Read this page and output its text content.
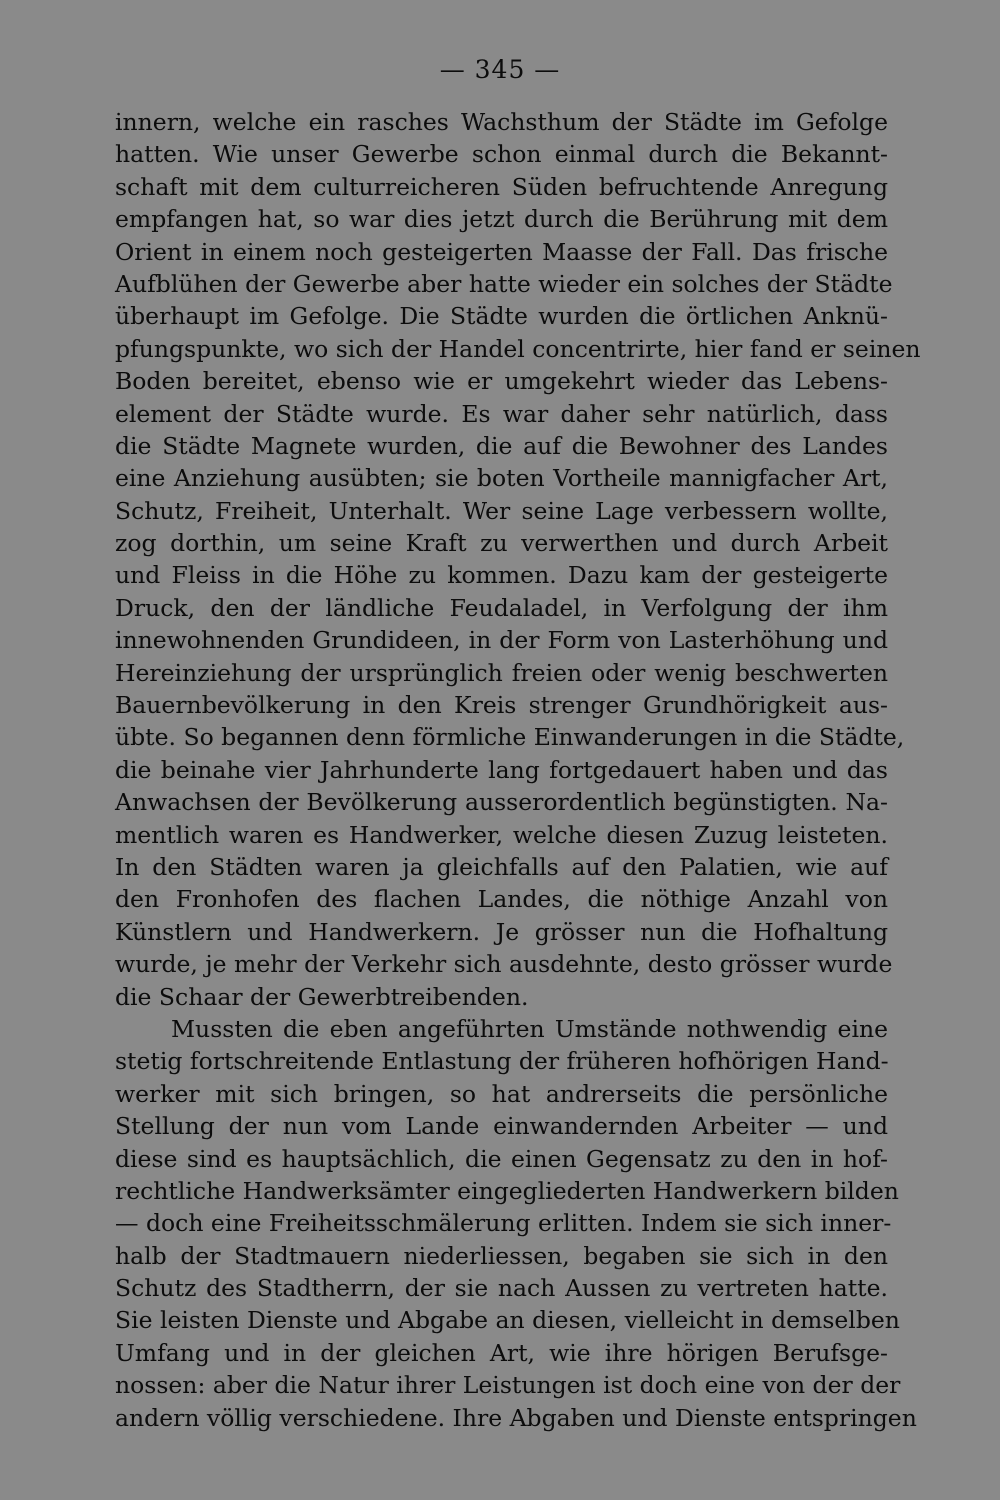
— 345 —
innern, welche ein rasches Wachsthum der Städte im Gefolge
hatten. Wie unser Gewerbe schon einmal durch die Bekannt-
schaft mit dem culturreicheren Süden befruchtende Anregung
empfangen hat, so war dies jetzt durch die Berührung mit dem
Orient in einem noch gesteigerten Maasse der Fall. Das frische
Aufblühen der Gewerbe aber hatte wieder ein solches der Städte
überhaupt im Gefolge. Die Städte wurden die örtlichen Anknü-
pfungspunkte, wo sich der Handel concentrirte, hier fand er seinen
Boden bereitet, ebenso wie er umgekehrt wieder das Lebens-
element der Städte wurde. Es war daher sehr natürlich, dass
die Städte Magnete wurden, die auf die Bewohner des Landes
eine Anziehung ausübten; sie boten Vortheile mannigfacher Art,
Schutz, Freiheit, Unterhalt. Wer seine Lage verbessern wollte,
zog dorthin, um seine Kraft zu verwerthen und durch Arbeit
und Fleiss in die Höhe zu kommen. Dazu kam der gesteigerte
Druck, den der ländliche Feudaladel, in Verfolgung der ihm
innewohnenden Grundideen, in der Form von Lasterhöhung und
Hereinziehung der ursprünglich freien oder wenig beschwerten
Bauernbevölkerung in den Kreis strenger Grundhörigkeit aus-
übte. So begannen denn förmliche Einwanderungen in die Städte,
die beinahe vier Jahrhunderte lang fortgedauert haben und das
Anwachsen der Bevölkerung ausserordentlich begünstigten. Na-
mentlich waren es Handwerker, welche diesen Zuzug leisteten.
In den Städten waren ja gleichfalls auf den Palatien, wie auf
den Fronhofen des flachen Landes, die nöthige Anzahl von
Künstlern und Handwerkern. Je grösser nun die Hofhaltung
wurde, je mehr der Verkehr sich ausdehnte, desto grösser wurde
die Schaar der Gewerbtreibenden.
Mussten die eben angeführten Umstände nothwendig eine
stetig fortschreitende Entlastung der früheren hofhörigen Hand-
werker mit sich bringen, so hat andrerseits die persönliche
Stellung der nun vom Lande einwandernden Arbeiter — und
diese sind es hauptsächlich, die einen Gegensatz zu den in hof-
rechtliche Handwerksämter eingegliederten Handwerkern bilden
— doch eine Freiheitsschmälerung erlitten. Indem sie sich inner-
halb der Stadtmauern niederliessen, begaben sie sich in den
Schutz des Stadtherrn, der sie nach Aussen zu vertreten hatte.
Sie leisten Dienste und Abgabe an diesen, vielleicht in demselben
Umfang und in der gleichen Art, wie ihre hörigen Berufsge-
nossen: aber die Natur ihrer Leistungen ist doch eine von der der
andern völlig verschiedene. Ihre Abgaben und Dienste entspringen
